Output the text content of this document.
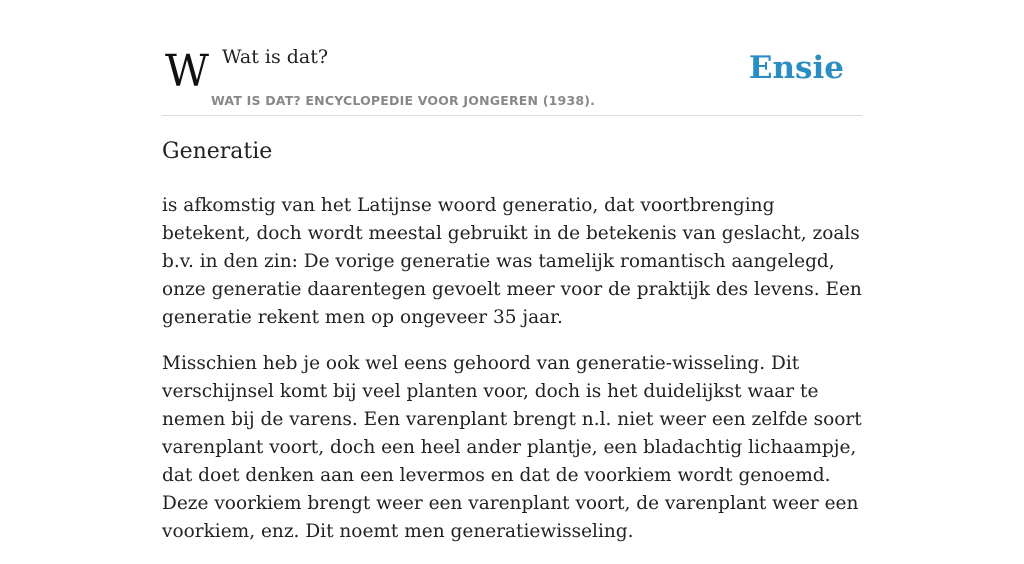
W Wat is dat?
WAT IS DAT? ENCYCLOPEDIE VOOR JONGEREN (1938).
Ensie
Generatie

is afkomstig van het Latijnse woord generatio, dat voortbrenging betekent, doch wordt meestal gebruikt in de betekenis van geslacht, zoals b.v. in den zin: De vorige generatie was tamelijk romantisch aangelegd, onze generatie daarentegen gevoelt meer voor de praktijk des levens. Een generatie rekent men op ongeveer 35 jaar.

Misschien heb je ook wel eens gehoord van generatie-wisseling. Dit verschijnsel komt bij veel planten voor, doch is het duidelijkst waar te nemen bij de varens. Een varenplant brengt n.l. niet weer een zelfde soort varenplant voort, doch een heel ander plantje, een bladachtig lichaampje, dat doet denken aan een levermos en dat de voorkiem wordt genoemd. Deze voorkiem brengt weer een varenplant voort, de varenplant weer een voorkiem, enz. Dit noemt men generatiewisseling.
